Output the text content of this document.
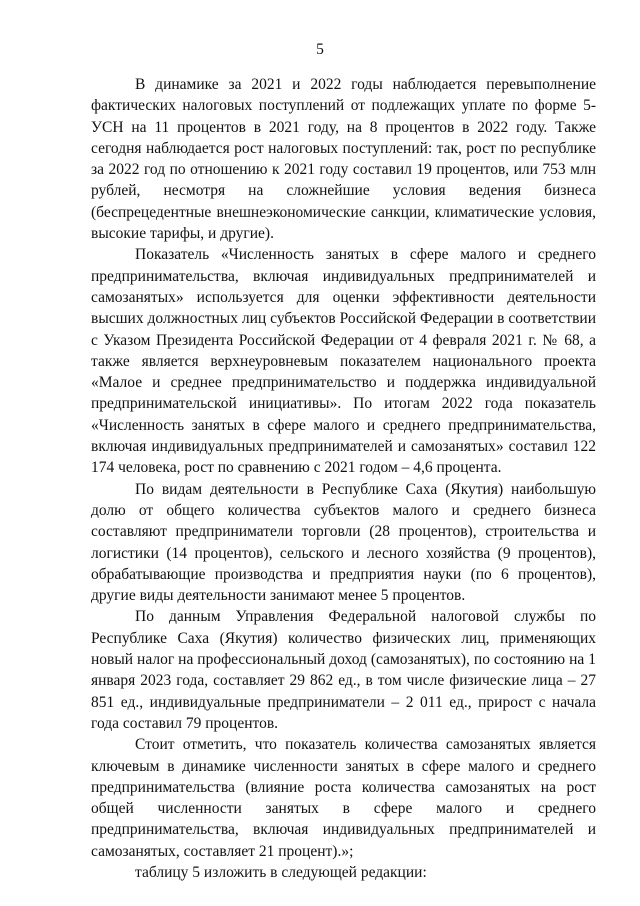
5

В динамике за 2021 и 2022 годы наблюдается перевыполнение фактических налоговых поступлений от подлежащих уплате по форме 5-УСН на 11 процентов в 2021 году, на 8 процентов в 2022 году. Также сегодня наблюдается рост налоговых поступлений: так, рост по республике за 2022 год по отношению к 2021 году составил 19 процентов, или 753 млн рублей, несмотря на сложнейшие условия ведения бизнеса (беспрецедентные внешнеэкономические санкции, климатические условия, высокие тарифы, и другие).

Показатель «Численность занятых в сфере малого и среднего предпринимательства, включая индивидуальных предпринимателей и самозанятых» используется для оценки эффективности деятельности высших должностных лиц субъектов Российской Федерации в соответствии с Указом Президента Российской Федерации от 4 февраля 2021 г. № 68, а также является верхнеуровневым показателем национального проекта «Малое и среднее предпринимательство и поддержка индивидуальной предпринимательской инициативы». По итогам 2022 года показатель «Численность занятых в сфере малого и среднего предпринимательства, включая индивидуальных предпринимателей и самозанятых» составил 122 174 человека, рост по сравнению с 2021 годом – 4,6 процента.

По видам деятельности в Республике Саха (Якутия) наибольшую долю от общего количества субъектов малого и среднего бизнеса составляют предприниматели торговли (28 процентов), строительства и логистики (14 процентов), сельского и лесного хозяйства (9 процентов), обрабатывающие производства и предприятия науки (по 6 процентов), другие виды деятельности занимают менее 5 процентов.

По данным Управления Федеральной налоговой службы по Республике Саха (Якутия) количество физических лиц, применяющих новый налог на профессиональный доход (самозанятых), по состоянию на 1 января 2023 года, составляет 29 862 ед., в том числе физические лица – 27 851 ед., индивидуальные предприниматели – 2 011 ед., прирост с начала года составил 79 процентов.

Стоит отметить, что показатель количества самозанятых является ключевым в динамике численности занятых в сфере малого и среднего предпринимательства (влияние роста количества самозанятых на рост общей численности занятых в сфере малого и среднего предпринимательства, включая индивидуальных предпринимателей и самозанятых, составляет 21 процент).»;

таблицу 5 изложить в следующей редакции:
